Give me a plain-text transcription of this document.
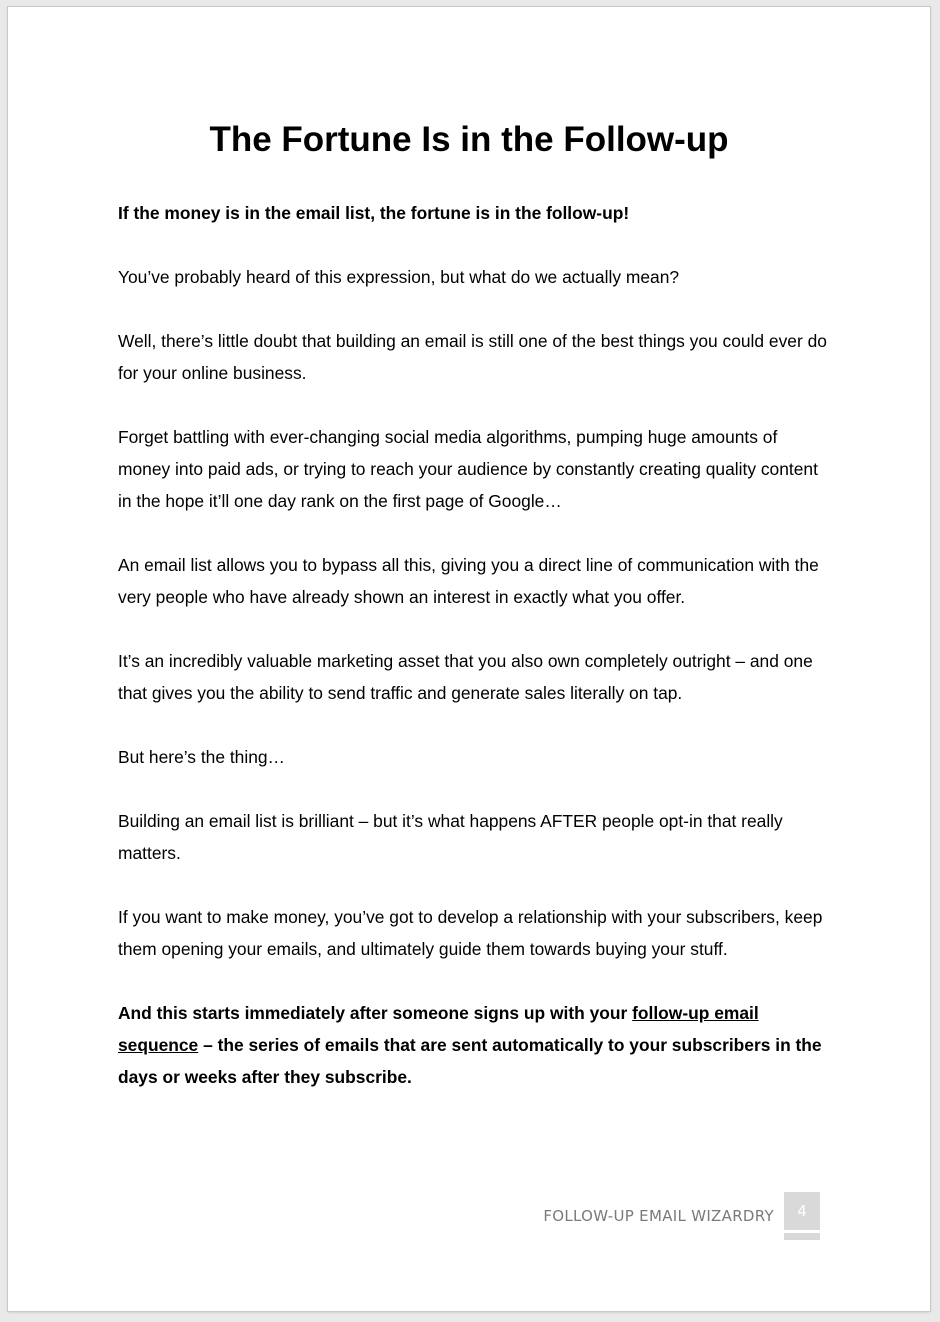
The Fortune Is in the Follow-up

If the money is in the email list, the fortune is in the follow-up!

You’ve probably heard of this expression, but what do we actually mean?

Well, there’s little doubt that building an email is still one of the best things you could ever do for your online business.

Forget battling with ever-changing social media algorithms, pumping huge amounts of money into paid ads, or trying to reach your audience by constantly creating quality content in the hope it’ll one day rank on the first page of Google…

An email list allows you to bypass all this, giving you a direct line of communication with the very people who have already shown an interest in exactly what you offer.

It’s an incredibly valuable marketing asset that you also own completely outright – and one that gives you the ability to send traffic and generate sales literally on tap.

But here’s the thing…

Building an email list is brilliant – but it’s what happens AFTER people opt-in that really matters.

If you want to make money, you’ve got to develop a relationship with your subscribers, keep them opening your emails, and ultimately guide them towards buying your stuff.

And this starts immediately after someone signs up with your follow-up email sequence – the series of emails that are sent automatically to your subscribers in the days or weeks after they subscribe.

FOLLOW-UP EMAIL WIZARDRY 4
